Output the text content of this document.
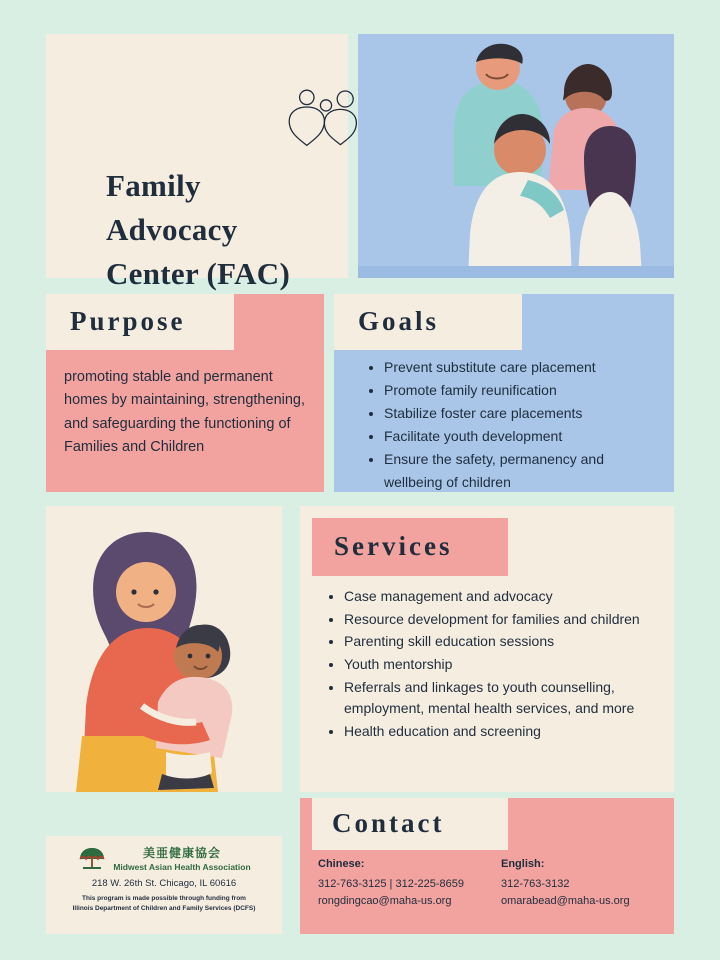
Family
Advocacy
Center (FAC)
Purpose
promoting stable and permanent homes by maintaining, strengthening, and safeguarding the functioning of Families and Children
Goals
• Prevent substitute care placement
• Promote family reunification
• Stabilize foster care placements
• Facilitate youth development
• Ensure the safety, permanency and wellbeing of children
Services
• Case management and advocacy
• Resource development for families and children
• Parenting skill education sessions
• Youth mentorship
• Referrals and linkages to youth counselling, employment, mental health services, and more
• Health education and screening
Contact
Chinese:
312-763-3125 | 312-225-8659
rongdingcao@maha-us.org
English:
312-763-3132
omarabead@maha-us.org
美亜健康協会
Midwest Asian Health Association
218 W. 26th St. Chicago, IL 60616
This program is made possible through funding from
Illinois Department of Children and Family Services (DCFS)
